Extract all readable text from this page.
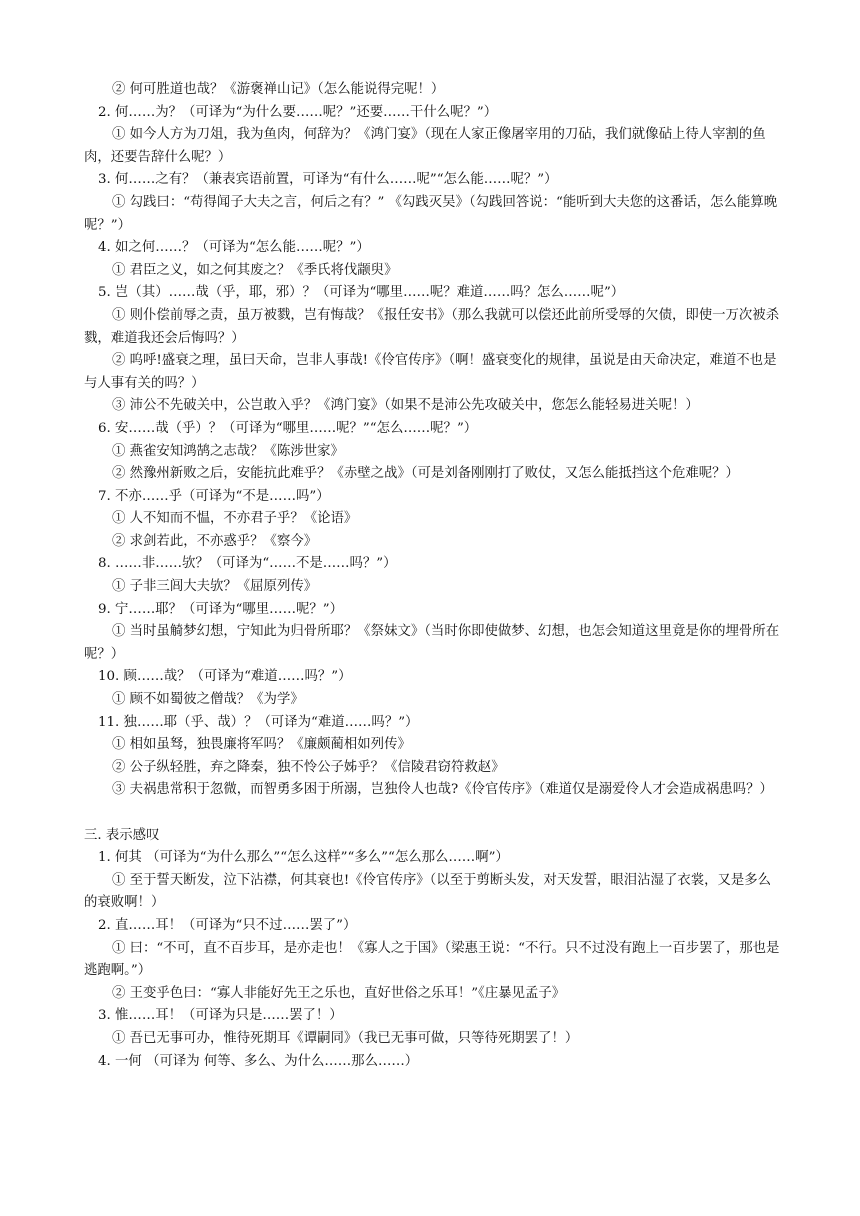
② 何可胜道也哉？《游褒禅山记》（怎么能说得完呢！）
2. 何……为？（可译为“为什么要……呢？”还要……干什么呢？”）
① 如今人方为刀俎，我为鱼肉，何辞为？《鸿门宴》（现在人家正像屠宰用的刀砧，我们就像砧上待人宰割的鱼肉，还要告辞什么呢？）
3. 何……之有？（兼表宾语前置，可译为“有什么……呢”“怎么能……呢？”）
① 勾践曰：“苟得闻子大夫之言，何后之有？” 《勾践灭吴》（勾践回答说：“能听到大夫您的这番话，怎么能算晚呢？”）
4. 如之何……？（可译为“怎么能……呢？”）
① 君臣之义，如之何其废之？《季氏将伐颛臾》
5. 岂（其）……哉（乎，耶，邪）？（可译为“哪里……呢？难道……吗？怎么……呢”）
① 则仆偿前辱之责，虽万被戮，岂有悔哉？《报任安书》（那么我就可以偿还此前所受辱的欠债，即使一万次被杀戮，难道我还会后悔吗？）
② 呜呼!盛衰之理，虽曰天命，岂非人事哉!《伶官传序》（啊！盛衰变化的规律，虽说是由天命决定，难道不也是与人事有关的吗？）
③ 沛公不先破关中，公岂敢入乎？《鸿门宴》（如果不是沛公先攻破关中，您怎么能轻易进关呢！）
6. 安……哉（乎）？（可译为“哪里……呢？”“怎么……呢？”）
① 燕雀安知鸿鹄之志哉？《陈涉世家》
② 然豫州新败之后，安能抗此难乎？《赤壁之战》（可是刘备刚刚打了败仗，又怎么能抵挡这个危难呢？）
7. 不亦……乎（可译为“不是……吗”）
① 人不知而不愠，不亦君子乎？《论语》
② 求剑若此，不亦惑乎？《察今》
8. ……非……欤？（可译为“……不是……吗？”）
① 子非三闾大夫欤？《屈原列传》
9. 宁……耶？（可译为“哪里……呢？”）
① 当时虽觭梦幻想，宁知此为归骨所耶？《祭妹文》（当时你即使做梦、幻想，也怎会知道这里竟是你的埋骨所在呢？）
10. 顾……哉？（可译为“难道……吗？”）
① 顾不如蜀彼之僧哉？《为学》
11. 独……耶（乎、哉）？（可译为“难道……吗？”）
① 相如虽驽，独畏廉将军吗？《廉颇蔺相如列传》
② 公子纵轻胜，弃之降秦，独不怜公子姊乎？《信陵君窃符救赵》
③ 夫祸患常积于忽微，而智勇多困于所溺，岂独伶人也哉?《伶官传序》（难道仅是溺爱伶人才会造成祸患吗？）
三. 表示感叹
1. 何其 （可译为“为什么那么”“怎么这样”“多么”“怎么那么……啊”）
① 至于誓天断发，泣下沾襟，何其衰也!《伶官传序》（以至于剪断头发，对天发誓，眼泪沾湿了衣裳，又是多么的衰败啊！）
2. 直……耳！（可译为“只不过……罢了”）
① 曰：“不可，直不百步耳，是亦走也！《寡人之于国》（梁惠王说：“不行。只不过没有跑上一百步罢了，那也是逃跑啊。”）
② 王变乎色曰：“寡人非能好先王之乐也，直好世俗之乐耳！”《庄暴见孟子》
3. 惟……耳！（可译为只是……罢了！）
① 吾已无事可办，惟待死期耳《谭嗣同》（我已无事可做，只等待死期罢了！）
4. 一何 （可译为 何等、多么、为什么……那么……）
